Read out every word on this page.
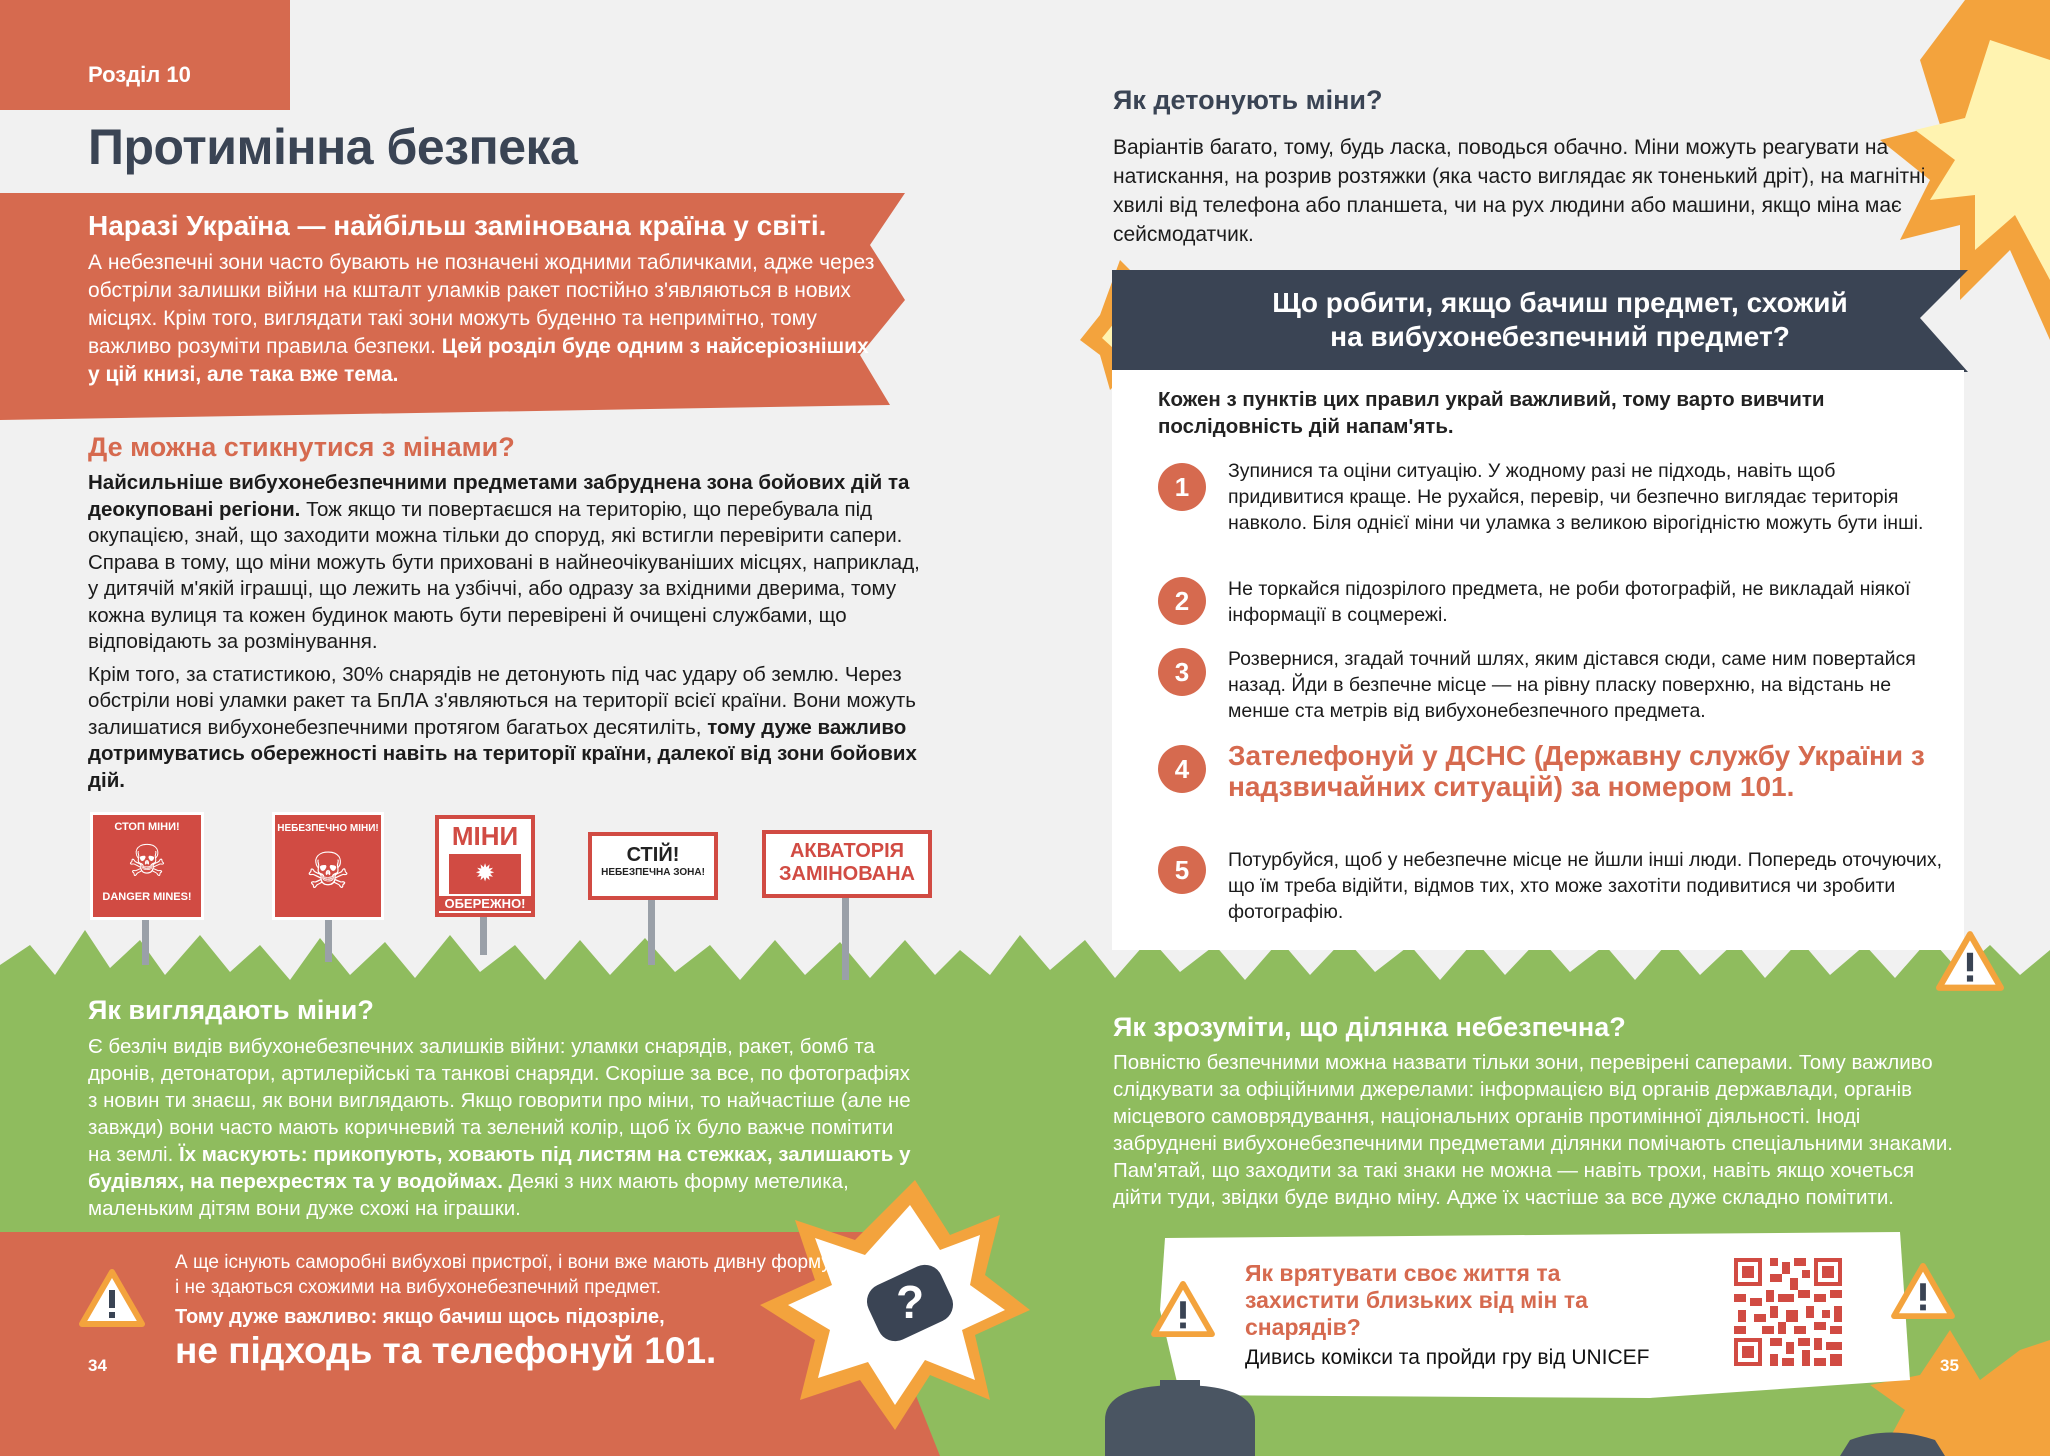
Розділ 10
Протимінна безпека
Наразі Україна — найбільш замінована країна у світі.
А небезпечні зони часто бувають не позначені жодними табличками, адже через обстріли залишки війни на кшталт уламків ракет постійно з'являються в нових місцях. Крім того, виглядати такі зони можуть буденно та непримітно, тому важливо розуміти правила безпеки. Цей розділ буде одним з найсеріозніших у цій книзі, але така вже тема.
Де можна стикнутися з мінами?

Найсильніше вибухонебезпечними предметами забруднена зона бойових дій та деокуповані регіони. Тож якщо ти повертаєшся на територію, що перебувала під окупацією, знай, що заходити можна тільки до споруд, які встигли перевірити сапери. Справа в тому, що міни можуть бути приховані в найнеочікуваніших місцях, наприклад, у дитячій м'якій іграшці, що лежить на узбіччі, або одразу за вхідними дверима, тому кожна вулиця та кожен будинок мають бути перевірені й очищені службами, що відповідають за розмінування.

Крім того, за статистикою, 30% снарядів не детонують під час удару об землю. Через обстріли нові уламки ракет та БпЛА з'являються на території всієї країни. Вони можуть залишатися вибухонебезпечними протягом багатьох десятиліть, тому дуже важливо дотримуватись обережності навіть на території країни, далекої від зони бойових дій.

СТОП МІНИ!
☠
DANGER MINES!
НЕБЕЗПЕЧНО МІНИ!
☠
МІНИ
✹
ОБЕРЕЖНО!
СТІЙ!
НЕБЕЗПЕЧНА ЗОНА!
АКВАТОРІЯ
ЗАМІНОВАНА
Як виглядають міни?
Є безліч видів вибухонебезпечних залишків війни: уламки снарядів, ракет, бомб та дронів, детонатори, артилерійські та танкові снаряди. Скоріше за все, по фотографіях з новин ти знаєш, як вони виглядають. Якщо говорити про міни, то найчастіше (але не завжди) вони часто мають коричневий та зелений колір, щоб їх було важче помітити на землі. Їх маскують: прикопують, ховають під листям на стежках, залишають у будівлях, на перехрестях та у водоймах. Деякі з них мають форму метелика, маленьким дітям вони дуже схожі на іграшки.
А ще існують саморобні вибухові пристрої, і вони вже мають дивну форму і не здаються схожими на вибухонебезпечний предмет.
Тому дуже важливо: якщо бачиш щось підозріле,
не підходь та телефонуй 101.
34
?
Як детонують міни?
Варіантів багато, тому, будь ласка, поводься обачно. Міни можуть реагувати на натискання, на розрив розтяжки (яка часто виглядає як тоненький дріт), на магнітні хвилі від телефона або планшета, чи на рух людини або машини, якщо міна має сейсмодатчик.
Що робити, якщо бачиш предмет, схожий
на вибухонебезпечний предмет?
Кожен з пунктів цих правил украй важливий, тому варто вивчити послідовність дій напам'ять.
1
Зупинися та оціни ситуацію. У жодному разі не підходь, навіть щоб придивитися краще. Не рухайся, перевір, чи безпечно виглядає територія навколо. Біля однієї міни чи уламка з великою вірогідністю можуть бути інші.
2	Не торкайся підозрілого предмета, не роби фотографій, не викладай ніякої інформації в соцмережі.
3	Розвернися, згадай точний шлях, яким дістався сюди, саме ним повертайся назад. Йди в безпечне місце — на рівну пласку поверхню, на відстань не менше ста метрів від вибухонебезпечного предмета.
4	Зателефонуй у ДСНС (Державну службу України з надзвичайних ситуацій) за номером 101.
5	Потурбуйся, щоб у небезпечне місце не йшли інші люди. Попередь оточуючих, що їм треба відійти, відмов тих, хто може захотіти подивитися чи зробити фотографію.
Як зрозуміти, що ділянка небезпечна?
Повністю безпечними можна назвати тільки зони, перевірені саперами. Тому важливо слідкувати за офіційними джерелами: інформацією від органів державлади, органів місцевого самоврядування, національних органів протимінної діяльності. Іноді забруднені вибухонебезпечними предметами ділянки помічають спеціальними знаками. Пам'ятай, що заходити за такі знаки не можна — навіть трохи, навіть якщо хочеться дійти туди, звідки буде видно міну. Адже їх частіше за все дуже складно помітити.
Як врятувати своє життя та захистити близьких від мін та снарядів?
Дивись комікси та пройди гру від UNICEF	35
